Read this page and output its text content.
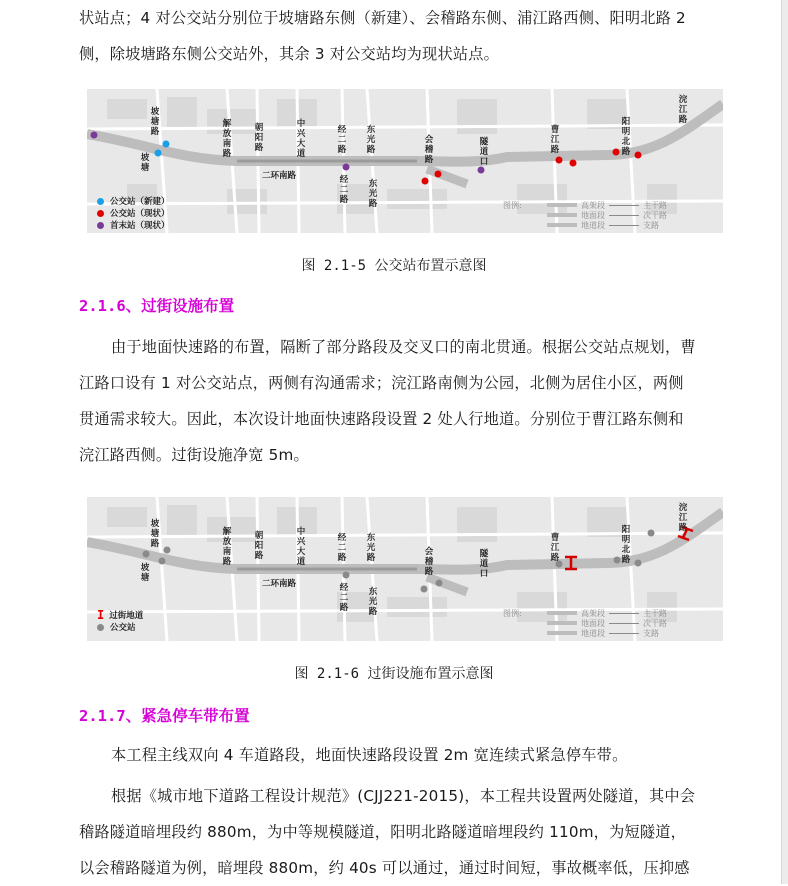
状站点；4 对公交站分别位于坡塘路东侧（新建）、会稽路东侧、浦江路西侧、阳明北路 2 侧，除坡塘路东侧公交站外，其余 3 对公交站均为现状站点。

坡塘路
坡塘
解放南路
朝阳路
中兴大道
经二路
经二路
东光路
东光路
二环南路
会稽路
隧道口
曹江路
阳明北路
浣江路
公交站（新建）
公交站（现状）
首末站（现状）
图例:	高架段	主干路
地面段	次干路
地道段	支路

图 2.1-5 公交站布置示意图

2.1.6、过街设施布置

由于地面快速路的布置，隔断了部分路段及交叉口的南北贯通。根据公交站点规划，曹江路口设有 1 对公交站点，两侧有沟通需求；浣江路南侧为公园，北侧为居住小区，两侧贯通需求较大。因此，本次设计地面快速路段设置 2 处人行地道。分别位于曹江路东侧和浣江路西侧。过街设施净宽 5m。

坡塘路
坡塘
解放南路
朝阳路
中兴大道
经二路
经二路
东光路
东光路
二环南路
会稽路
隧道口
曹江路
阳明北路
浣江路
I 过街地道
公交站
图例:	高架段	主干路
地面段	次干路
地道段	支路

图 2.1-6 过街设施布置示意图

2.1.7、紧急停车带布置

本工程主线双向 4 车道路段，地面快速路段设置 2m 宽连续式紧急停车带。

根据《城市地下道路工程设计规范》(CJJ221-2015)，本工程共设置两处隧道，其中会稽路隧道暗埋段约 880m，为中等规模隧道，阳明北路隧道暗埋段约 110m，为短隧道，以会稽路隧道为例，暗埋段 880m，约 40s 可以通过，通过时间短，事故概率低，压抑感
